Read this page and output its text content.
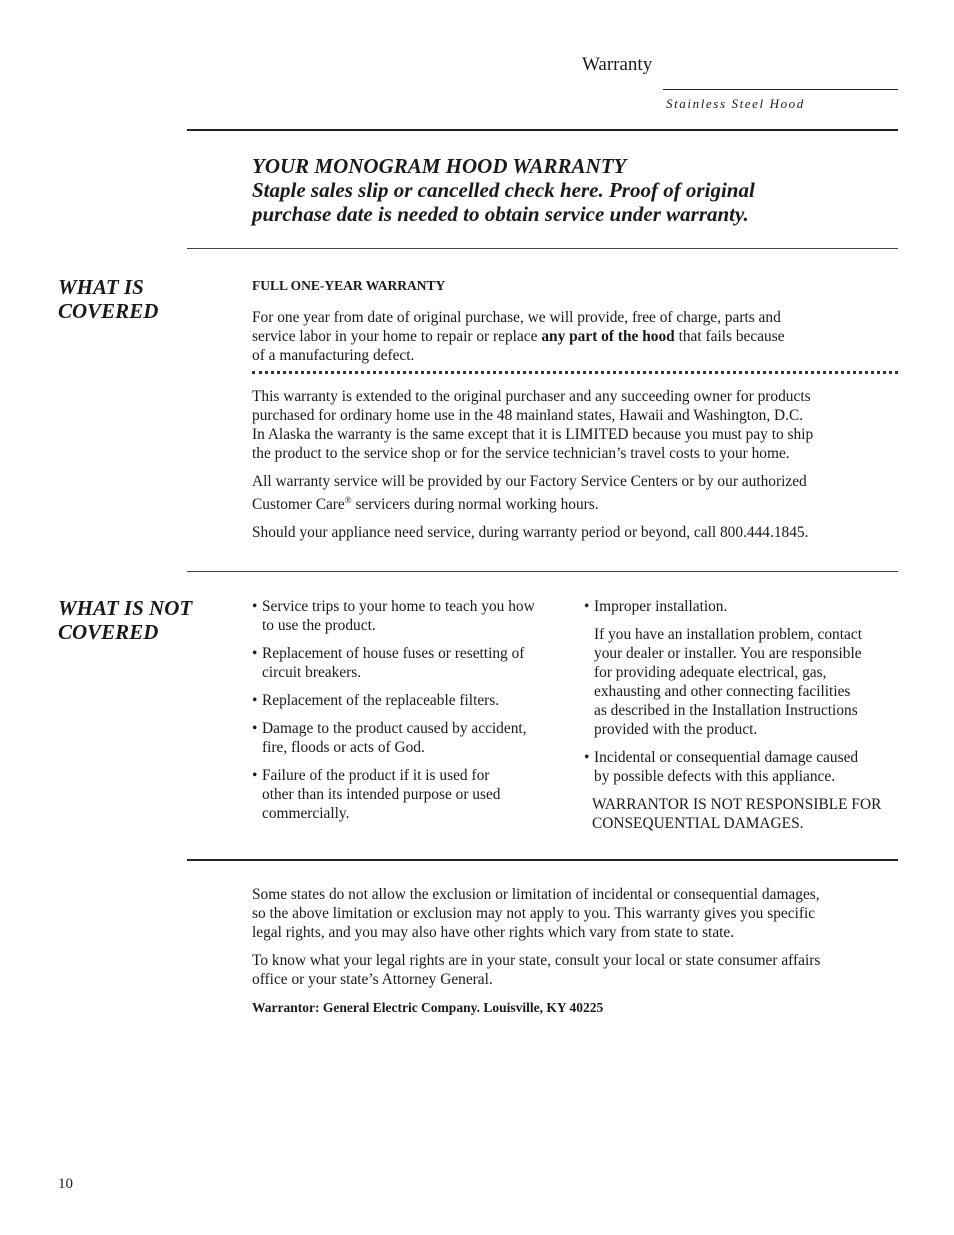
Warranty
Stainless Steel Hood
YOUR MONOGRAM HOOD WARRANTY
Staple sales slip or cancelled check here. Proof of original
purchase date is needed to obtain service under warranty.
WHAT IS
COVERED
FULL ONE-YEAR WARRANTY
For one year from date of original purchase, we will provide, free of charge, parts and
service labor in your home to repair or replace any part of the hood that fails because
of a manufacturing defect.

This warranty is extended to the original purchaser and any succeeding owner for products
purchased for ordinary home use in the 48 mainland states, Hawaii and Washington, D.C.
In Alaska the warranty is the same except that it is LIMITED because you must pay to ship
the product to the service shop or for the service technician’s travel costs to your home.

All warranty service will be provided by our Factory Service Centers or by our authorized
Customer Care® servicers during normal working hours.

Should your appliance need service, during warranty period or beyond, call 800.444.1845.

WHAT IS NOT
COVERED
• Service trips to your home to teach you how
to use the product.
• Replacement of house fuses or resetting of
circuit breakers.
• Replacement of the replaceable filters.
• Damage to the product caused by accident,
fire, floods or acts of God.
• Failure of the product if it is used for
other than its intended purpose or used
commercially.
• Improper installation.

If you have an installation problem, contact
your dealer or installer. You are responsible
for providing adequate electrical, gas,
exhausting and other connecting facilities
as described in the Installation Instructions
provided with the product.

• Incidental or consequential damage caused
by possible defects with this appliance.

WARRANTOR IS NOT RESPONSIBLE FOR
CONSEQUENTIAL DAMAGES.

Some states do not allow the exclusion or limitation of incidental or consequential damages,
so the above limitation or exclusion may not apply to you. This warranty gives you specific
legal rights, and you may also have other rights which vary from state to state.

To know what your legal rights are in your state, consult your local or state consumer affairs
office or your state’s Attorney General.

Warrantor: General Electric Company. Louisville, KY 40225

10
